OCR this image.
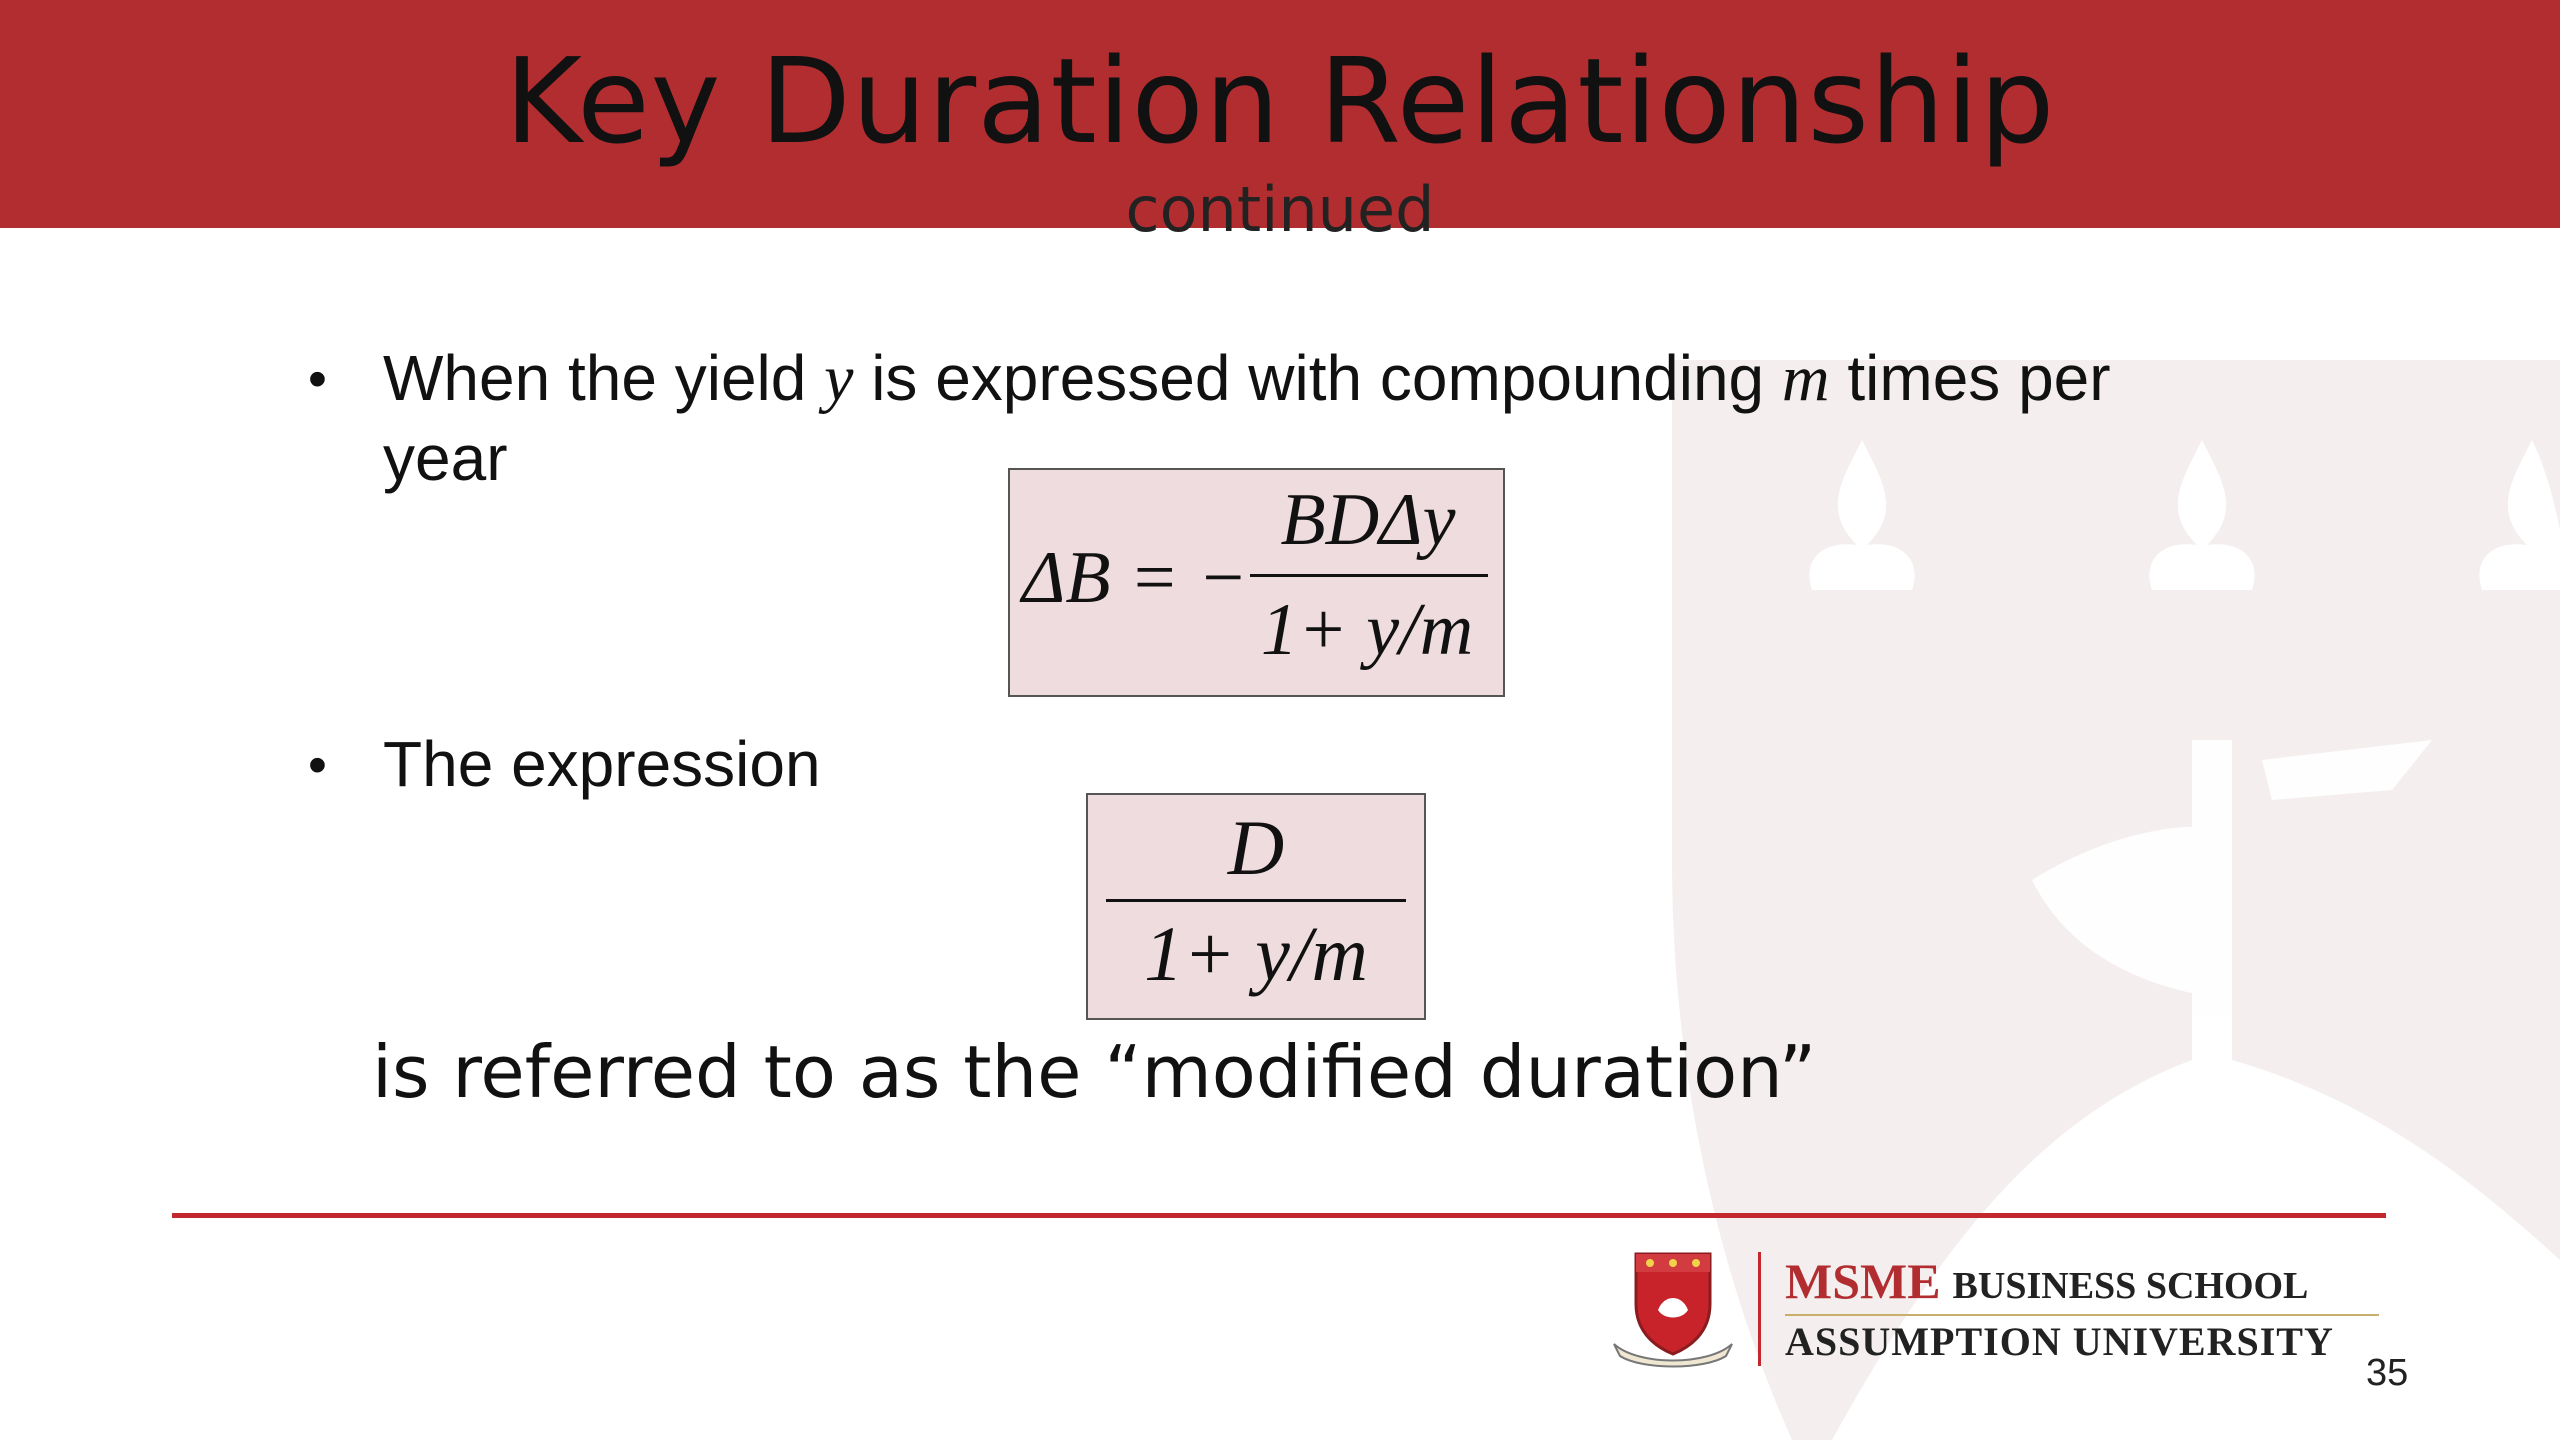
Key Duration Relationship
continued
• When the yield y is expressed with compounding m times per
year
ΔB = −
BDΔy
1+ y/m
• The expression
D
1+ y/m
is referred to as the “modified duration”
MSME BUSINESS SCHOOL
ASSUMPTION UNIVERSITY
35
